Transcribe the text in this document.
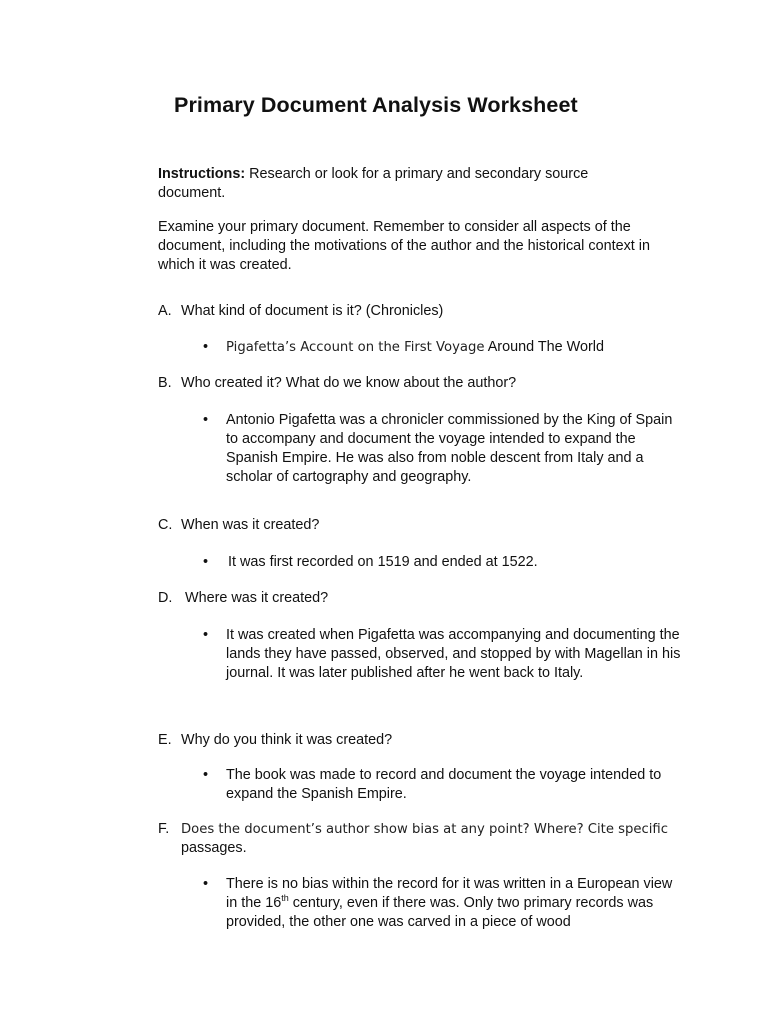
Primary Document Analysis Worksheet

Instructions: Research or look for a primary and secondary source document.

Examine your primary document. Remember to consider all aspects of the document, including the motivations of the author and the historical context in which it was created.

A. What kind of document is it? (Chronicles)
• Pigafetta’s Account on the First Voyage Around The World
B. Who created it? What do we know about the author?
• Antonio Pigafetta was a chronicler commissioned by the King of Spain to accompany and document the voyage intended to expand the Spanish Empire. He was also from noble descent from Italy and a scholar of cartography and geography.
C. When was it created?
• It was first recorded on 1519 and ended at 1522.
D. Where was it created?
• It was created when Pigafetta was accompanying and documenting the lands they have passed, observed, and stopped by with Magellan in his journal. It was later published after he went back to Italy.
E. Why do you think it was created?
• The book was made to record and document the voyage intended to expand the Spanish Empire.
F. Does the document’s author show bias at any point? Where? Cite specific
passages.
• There is no bias within the record for it was written in a European view in the 16th century, even if there was. Only two primary records was provided, the other one was carved in a piece of wood
